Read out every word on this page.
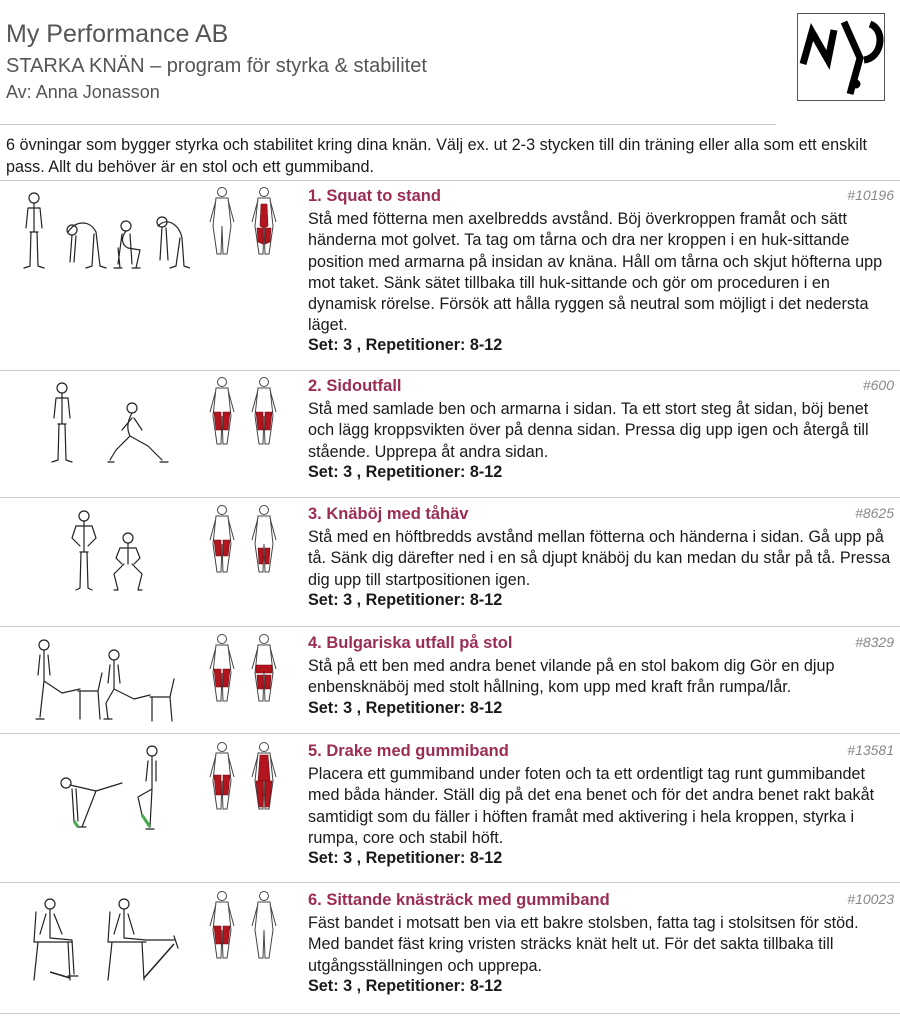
My Performance AB
STARKA KNÄN – program för styrka & stabilitet
Av: Anna Jonasson
6 övningar som bygger styrka och stabilitet kring dina knän. Välj ex. ut 2-3 stycken till din träning eller alla som ett enskilt pass. Allt du behöver är en stol och ett gummiband.
1. Squat to stand	#10196
Stå med fötterna men axelbredds avstånd. Böj överkroppen framåt och sätt händerna mot golvet. Ta tag om tårna och dra ner kroppen i en huk-sittande position med armarna på insidan av knäna. Håll om tårna och skjut höfterna upp mot taket. Sänk sätet tillbaka till huk-sittande och gör om proceduren i en dynamisk rörelse. Försök att hålla ryggen så neutral som möjligt i det nedersta läget.
Set: 3 , Repetitioner: 8-12
2. Sidoutfall	#600
Stå med samlade ben och armarna i sidan. Ta ett stort steg åt sidan, böj benet och lägg kroppsvikten över på denna sidan. Pressa dig upp igen och återgå till stående. Upprepa åt andra sidan.
Set: 3 , Repetitioner: 8-12
3. Knäböj med tåhäv	#8625
Stå med en höftbredds avstånd mellan fötterna och händerna i sidan. Gå upp på tå. Sänk dig därefter ned i en så djupt knäböj du kan medan du står på tå. Pressa dig upp till startpositionen igen.
Set: 3 , Repetitioner: 8-12
4. Bulgariska utfall på stol	#8329
Stå på ett ben med andra benet vilande på en stol bakom dig Gör en djup enbensknäböj med stolt hållning, kom upp med kraft från rumpa/lår.
Set: 3 , Repetitioner: 8-12
5. Drake med gummiband	#13581
Placera ett gummiband under foten och ta ett ordentligt tag runt gummibandet med båda händer. Ställ dig på det ena benet och för det andra benet rakt bakåt samtidigt som du fäller i höften framåt med aktivering i hela kroppen, styrka i rumpa, core och stabil höft.
Set: 3 , Repetitioner: 8-12
6. Sittande knästräck med gummiband	#10023
Fäst bandet i motsatt ben via ett bakre stolsben, fatta tag i stolsitsen för stöd. Med bandet fäst kring vristen sträcks knät helt ut. För det sakta tillbaka till utgångsställningen och upprepa.
Set: 3 , Repetitioner: 8-12
